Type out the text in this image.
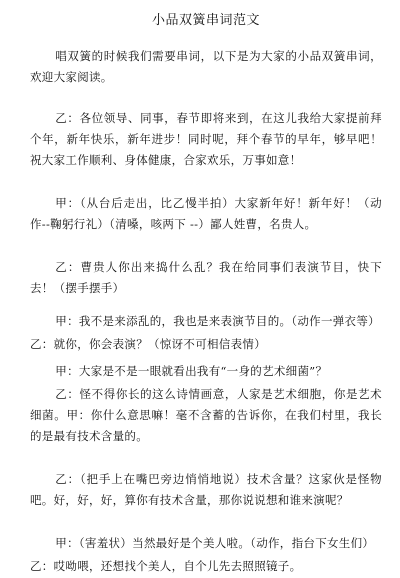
小品双簧串词范文

唱双簧的时候我们需要串词，以下是为大家的小品双簧串词，欢迎大家阅读。

乙：各位领导、同事，春节即将来到，在这儿我给大家提前拜个年，新年快乐，新年进步！同时呢，拜个春节的早年，够早吧！祝大家工作顺利、身体健康，合家欢乐，万事如意！

甲：（从台后走出，比乙慢半拍）大家新年好！新年好！（动作--鞠躬行礼）（清嗓，咳两下 --）鄙人姓曹，名贵人。

乙：曹贵人你出来捣什么乱？我在给同事们表演节目，快下去！（摆手摆手）

甲：我不是来添乱的，我也是来表演节目的。（动作一弹衣等）

乙：就你，你会表演？（惊讶不可相信表情）

甲：大家是不是一眼就看出我有“一身的艺术细菌”？

乙：怪不得你长的这么诗情画意，人家是艺术细胞，你是艺术细菌。甲：你什么意思嘛！毫不含蓄的告诉你，在我们村里，我长的是最有技术含量的。

乙：（把手上在嘴巴旁边悄悄地说）技术含量？这家伙是怪物吧。好，好，好，算你有技术含量，那你说说想和谁来演呢？

甲：（害羞状）当然最好是个美人啦。（动作，指台下女生们）

乙：哎呦喂，还想找个美人，自个儿先去照照镜子。
